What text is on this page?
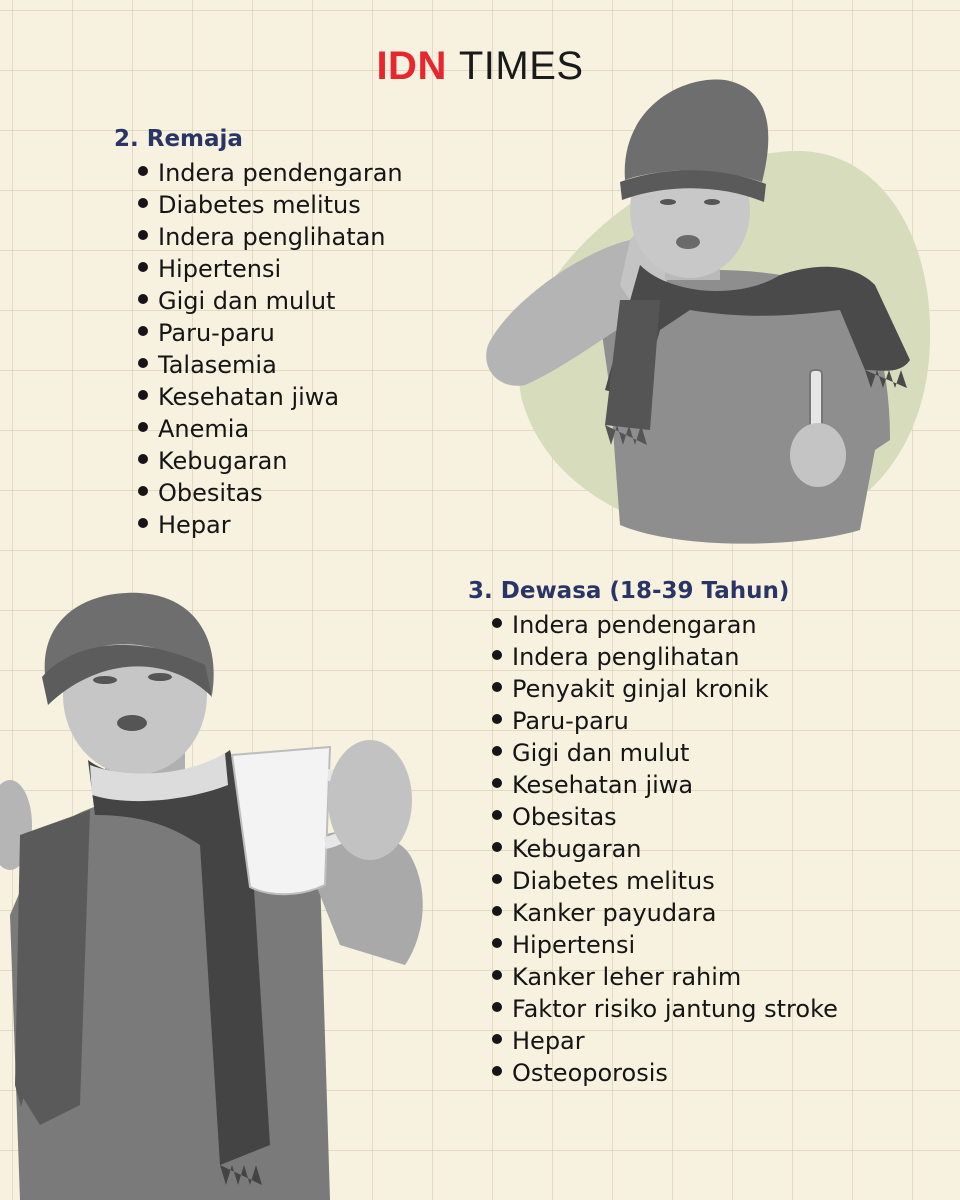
IDN TIMES
2. Remaja
Indera pendengaran
Diabetes melitus
Indera penglihatan
Hipertensi
Gigi dan mulut
Paru-paru
Talasemia
Kesehatan jiwa
Anemia
Kebugaran
Obesitas
Hepar
3. Dewasa (18-39 Tahun)
Indera pendengaran
Indera penglihatan
Penyakit ginjal kronik
Paru-paru
Gigi dan mulut
Kesehatan jiwa
Obesitas
Kebugaran
Diabetes melitus
Kanker payudara
Hipertensi
Kanker leher rahim
Faktor risiko jantung stroke
Hepar
Osteoporosis
